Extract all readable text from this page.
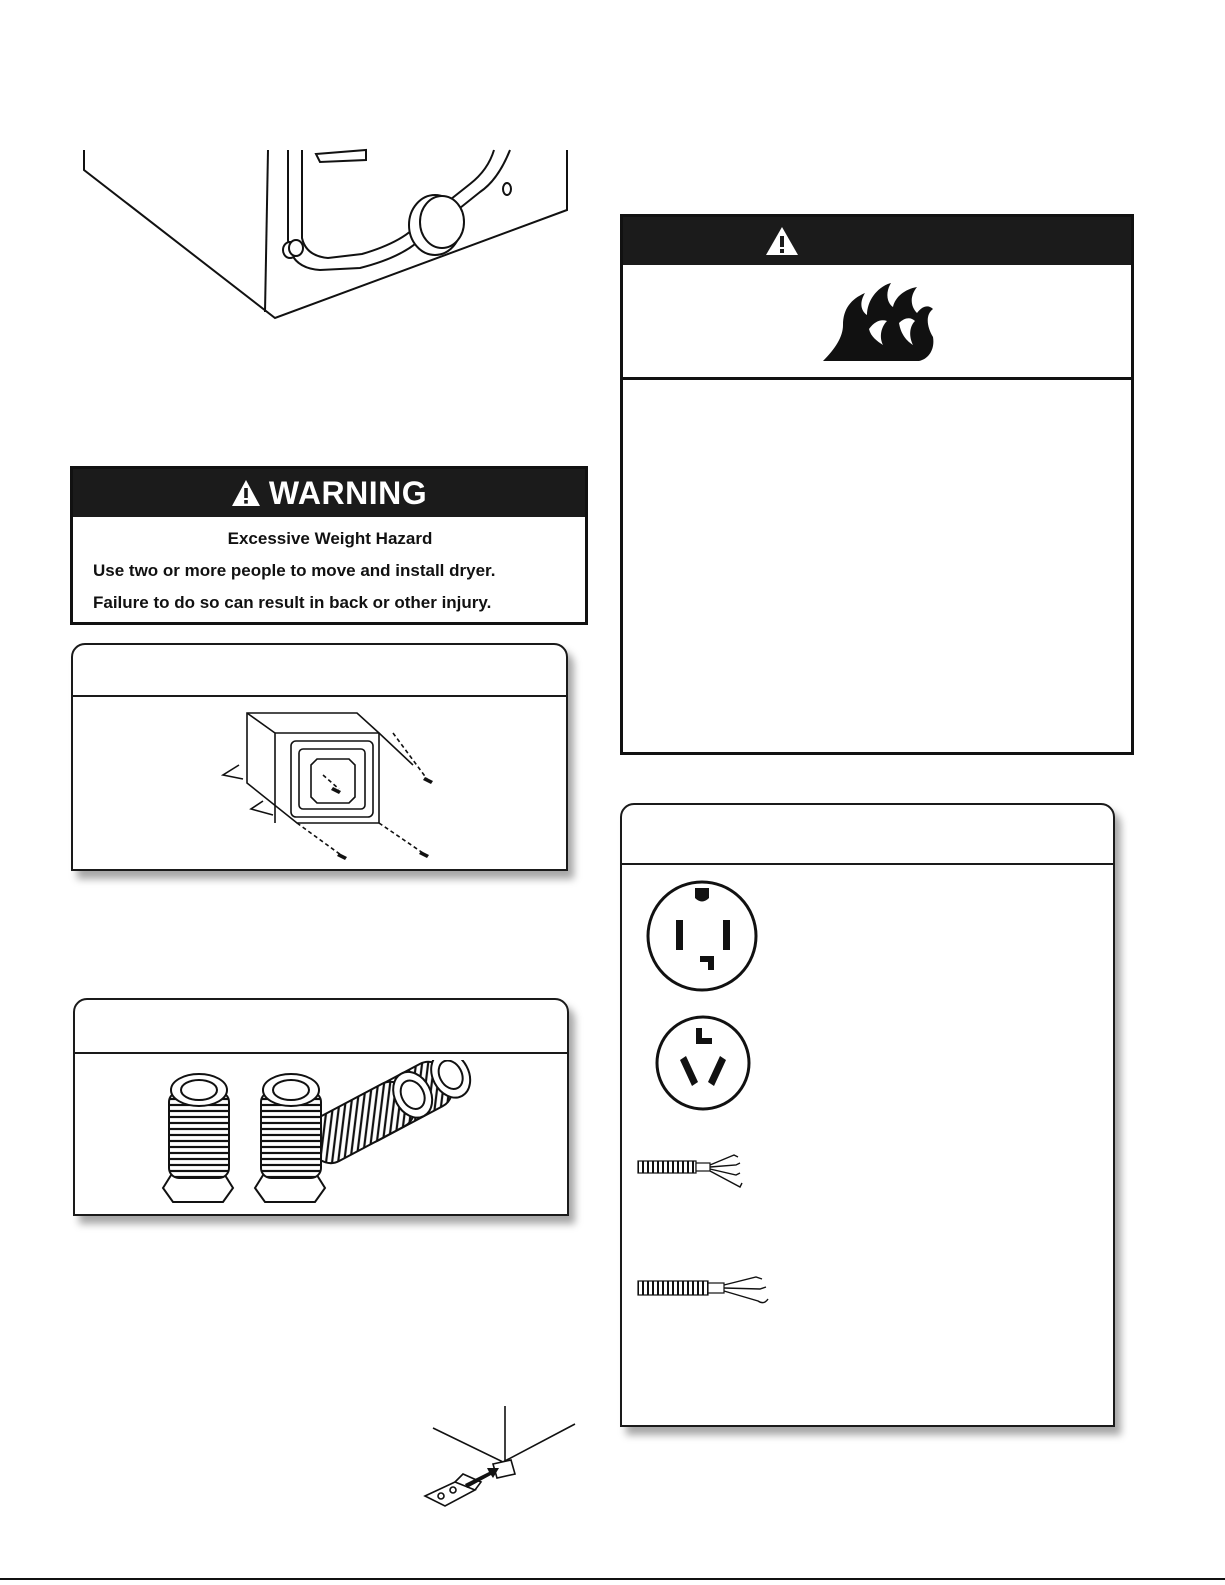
WARNING

Excessive Weight Hazard

Use two or more people to move and install dryer.

Failure to do so can result in back or other injury.
